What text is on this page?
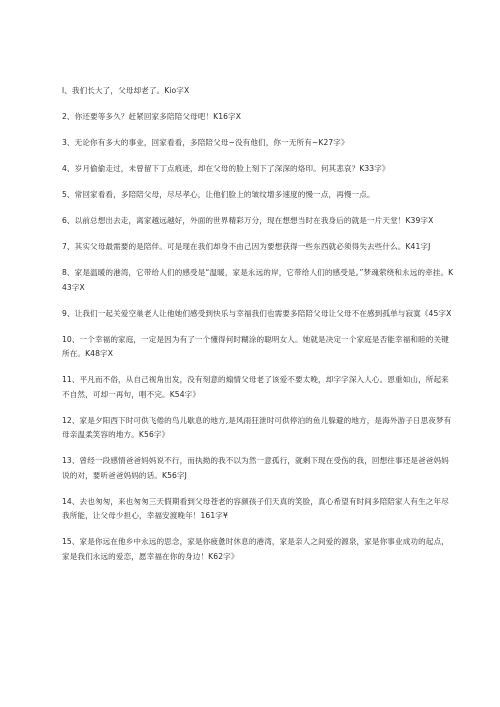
l、我们长大了，父母却老了。Kio字X

2、你还要等多久？赶紧回家多陪陪父母吧！K16字X

3、无论你有多大的事业，回家看看，多陪陪父母~没有他们，你一无所有~K27字》

4、岁月偷偷走过，未曾留下丁点痕迹，却在父母的脸上刻下了深深的烙印。何其悲哀？K33字》

5、常回家看看，多陪陪父母，尽尽孝心，让他们脸上的皱纹增多速度的慢一点，再慢一点。

6、以前总想出去走，离家越远越好，外面的世界精彩万分，现在想想当时在我身后的就是一片天堂！K39字X

7、其实父母最需要的是陪伴。可是现在我们却身不由己因为要想获得一些东西就必须得失去些什么。K41字J

8、家是温暖的港湾，它带给人们的感受是“温暖，家是永远的岸，它带给人们的感受是。”梦魂萦绕和永远的牵挂。K43字X

9、让我们一起关爱空巢老人让他她们感受到快乐与幸福我们也需要多陪陪父母让父母不在感到孤单与寂寞《45字X

10、一个幸福的家庭，一定是因为有了一个懂得何时糊涂的聪明女人。她就是决定一个家庭是否能幸福和睦的关键所在。K48字X

11、平凡而不俗，从自己视角出发，没有刻意的煽情父母老了该爱不要太晚，却字字深入人心。恩重如山，所起来不自然，可却一再句，唱不完。K54字》

12、家是夕阳西下时可供飞倦的鸟儿歇息的地方,是风雨狂泄时可供停泊的鱼儿躲避的地方，是海外游子日思夜梦有母亲温柔笑容的地方。K56字》

13、曾经一段感情爸爸妈妈说不行，而执拗的我不以为然一意孤行，就剩下现在受伤的我，回想往事还是爸爸妈妈说的对，要听爸爸妈妈的话。K56字J

14、去也匆匆，来也匆匆三天假期看到父母苍老的容颜孩子们天真的笑脸，真心希望有时间多陪陪家人有生之年尽我所能，让父母少担心，幸福安渡晚年！161字¥

15、家是你远在他乡中永远的思念，家是你疲惫时休息的港湾，家是亲人之间爱的源泉，家是你事业成功的起点，家是我们永远的爱恋，愿幸福在你的身边！K62字》
